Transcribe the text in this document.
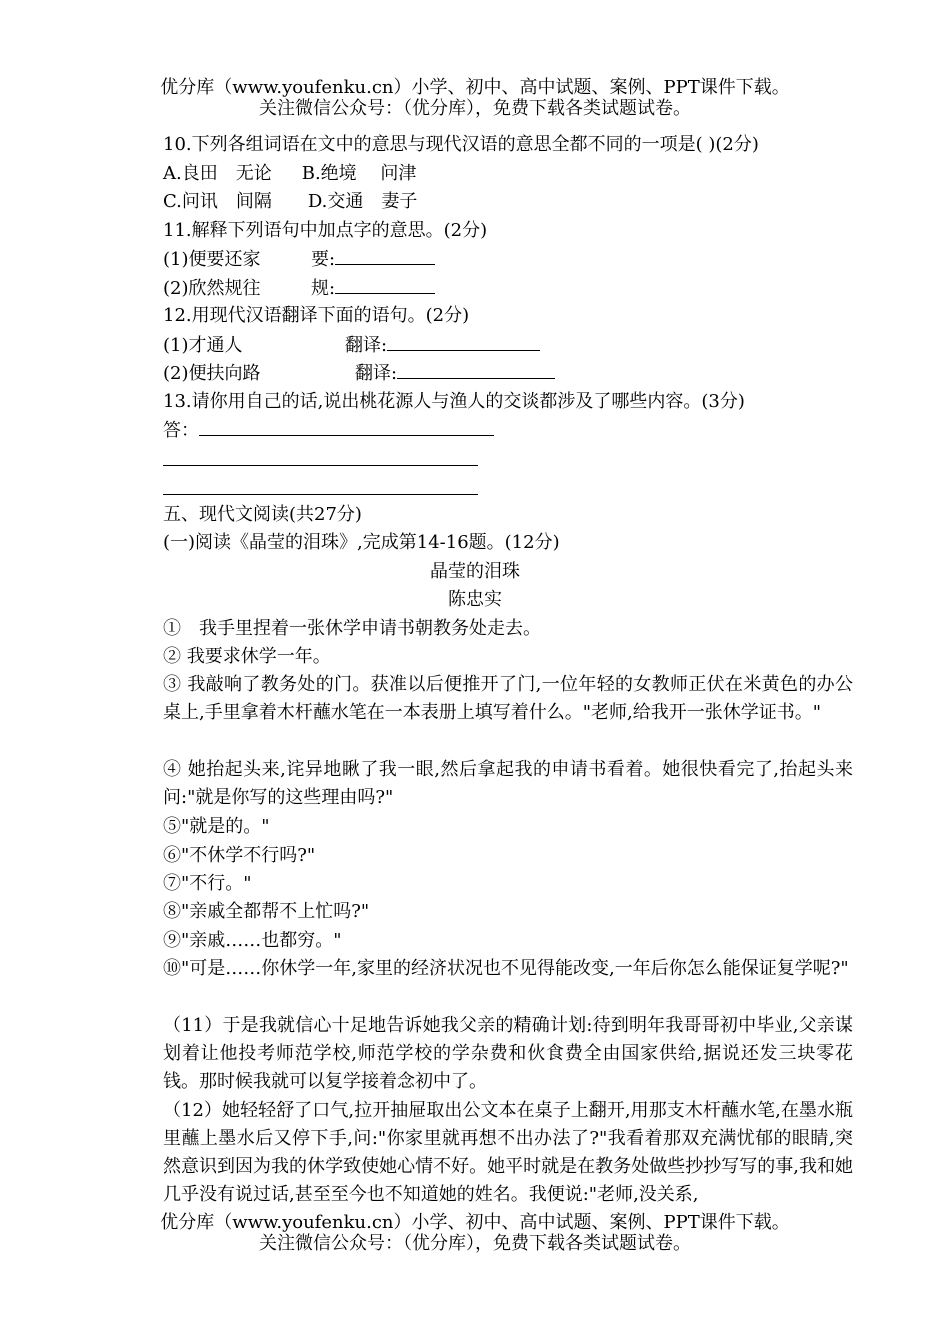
优分库（www.youfenku.cn）小学、初中、高中试题、案例、PPT课件下载。
关注微信公众号：（优分库），免费下载各类试题试卷。
10.下列各组词语在文中的意思与现代汉语的意思全都不同的一项是( )(2分)
A.良田　无论 B.绝境　 问津
C.问讯　间隔 D.交通　妻子
11.解释下列语句中加点字的意思。(2分)
(1)便要还家	要:
(2)欣然规往	规:
12.用现代汉语翻译下面的语句。(2分)
(1)才通人	翻译:
(2)便扶向路	翻译:
13.请你用自己的话,说出桃花源人与渔人的交谈都涉及了哪些内容。(3分)
答：
五、现代文阅读(共27分)
(一)阅读《晶莹的泪珠》,完成第14-16题。(12分)
晶莹的泪珠
陈忠实

①　我手里捏着一张休学申请书朝教务处走去。

② 我要求休学一年。

③ 我敲响了教务处的门。获准以后便推开了门,一位年轻的女教师正伏在米黄色的办公桌上,手里拿着木杆蘸水笔在一本表册上填写着什么。"老师,给我开一张休学证书。"

④ 她抬起头来,诧异地瞅了我一眼,然后拿起我的申请书看着。她很快看完了,抬起头来问:"就是你写的这些理由吗?"

⑤"就是的。"

⑥"不休学不行吗?"

⑦"不行。"

⑧"亲戚全都帮不上忙吗?"

⑨"亲戚……也都穷。"

⑩"可是……你休学一年,家里的经济状况也不见得能改变,一年后你怎么能保证复学呢?"

（11）于是我就信心十足地告诉她我父亲的精确计划:待到明年我哥哥初中毕业,父亲谋划着让他投考师范学校,师范学校的学杂费和伙食费全由国家供给,据说还发三块零花钱。那时候我就可以复学接着念初中了。

（12）她轻轻舒了口气,拉开抽屉取出公文本在桌子上翻开,用那支木杆蘸水笔,在墨水瓶里蘸上墨水后又停下手,问:"你家里就再想不出办法了?"我看着那双充满忧郁的眼睛,突然意识到因为我的休学致使她心情不好。她平时就是在教务处做些抄抄写写的事,我和她几乎没有说过话,甚至至今也不知道她的姓名。我便说:"老师,没关系,

优分库（www.youfenku.cn）小学、初中、高中试题、案例、PPT课件下载。
关注微信公众号：（优分库），免费下载各类试题试卷。
